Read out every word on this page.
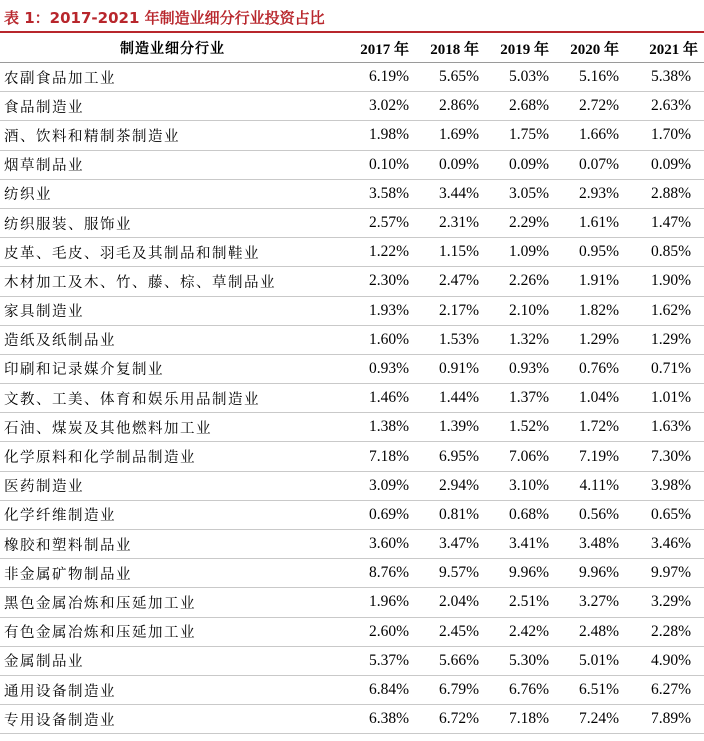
表 1：2017-2021 年制造业细分行业投资占比
制造业细分行业	2017 年	2018 年	2019 年	2020 年	2021 年
农副食品加工业	6.19%	5.65%	5.03%	5.16%	5.38%
食品制造业	3.02%	2.86%	2.68%	2.72%	2.63%
酒、饮料和精制茶制造业	1.98%	1.69%	1.75%	1.66%	1.70%
烟草制品业	0.10%	0.09%	0.09%	0.07%	0.09%
纺织业	3.58%	3.44%	3.05%	2.93%	2.88%
纺织服装、服饰业	2.57%	2.31%	2.29%	1.61%	1.47%
皮革、毛皮、羽毛及其制品和制鞋业	1.22%	1.15%	1.09%	0.95%	0.85%
木材加工及木、竹、藤、棕、草制品业	2.30%	2.47%	2.26%	1.91%	1.90%
家具制造业	1.93%	2.17%	2.10%	1.82%	1.62%
造纸及纸制品业	1.60%	1.53%	1.32%	1.29%	1.29%
印刷和记录媒介复制业	0.93%	0.91%	0.93%	0.76%	0.71%
文教、工美、体育和娱乐用品制造业	1.46%	1.44%	1.37%	1.04%	1.01%
石油、煤炭及其他燃料加工业	1.38%	1.39%	1.52%	1.72%	1.63%
化学原料和化学制品制造业	7.18%	6.95%	7.06%	7.19%	7.30%
医药制造业	3.09%	2.94%	3.10%	4.11%	3.98%
化学纤维制造业	0.69%	0.81%	0.68%	0.56%	0.65%
橡胶和塑料制品业	3.60%	3.47%	3.41%	3.48%	3.46%
非金属矿物制品业	8.76%	9.57%	9.96%	9.96%	9.97%
黑色金属冶炼和压延加工业	1.96%	2.04%	2.51%	3.27%	3.29%
有色金属冶炼和压延加工业	2.60%	2.45%	2.42%	2.48%	2.28%
金属制品业	5.37%	5.66%	5.30%	5.01%	4.90%
通用设备制造业	6.84%	6.79%	6.76%	6.51%	6.27%
专用设备制造业	6.38%	6.72%	7.18%	7.24%	7.89%
